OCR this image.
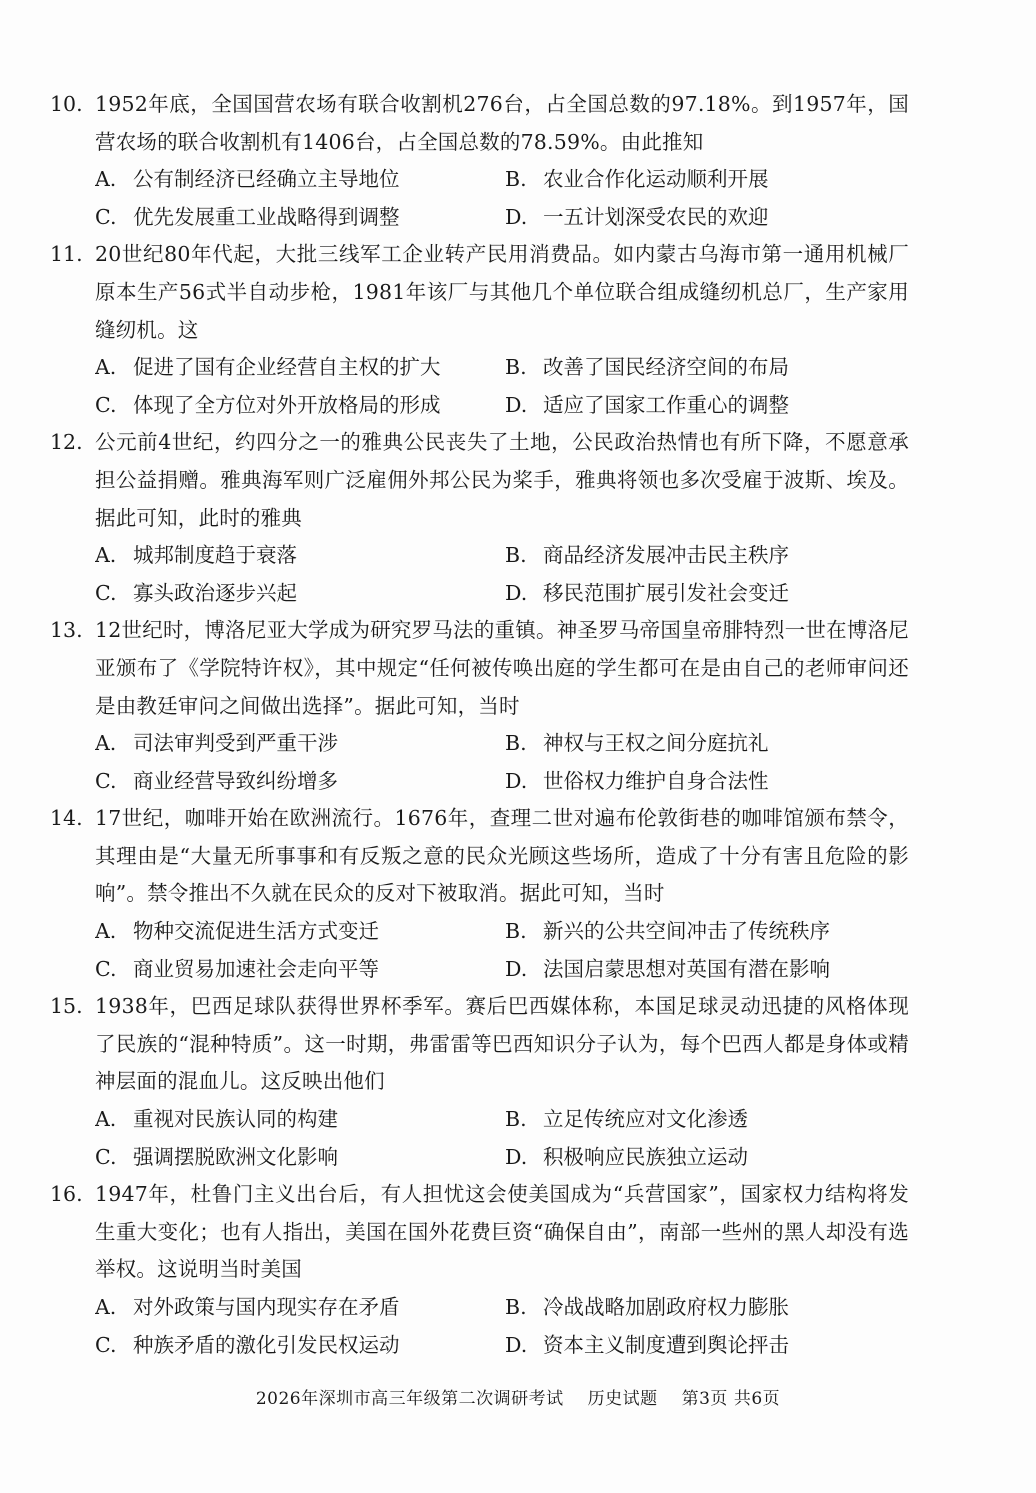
10. 1952年底，全国国营农场有联合收割机276台，占全国总数的97.18%。到1957年，国营农场的联合收割机有1406台，占全国总数的78.59%。由此推知
A. 公有制经济已经确立主导地位	B. 农业合作化运动顺利开展
C. 优先发展重工业战略得到调整	D. 一五计划深受农民的欢迎
11. 20世纪80年代起，大批三线军工企业转产民用消费品。如内蒙古乌海市第一通用机械厂原本生产56式半自动步枪，1981年该厂与其他几个单位联合组成缝纫机总厂，生产家用缝纫机。这
A. 促进了国有企业经营自主权的扩大	B. 改善了国民经济空间的布局
C. 体现了全方位对外开放格局的形成	D. 适应了国家工作重心的调整
12. 公元前4世纪，约四分之一的雅典公民丧失了土地，公民政治热情也有所下降，不愿意承担公益捐赠。雅典海军则广泛雇佣外邦公民为桨手，雅典将领也多次受雇于波斯、埃及。据此可知，此时的雅典
A. 城邦制度趋于衰落	B. 商品经济发展冲击民主秩序
C. 寡头政治逐步兴起	D. 移民范围扩展引发社会变迁
13. 12世纪时，博洛尼亚大学成为研究罗马法的重镇。神圣罗马帝国皇帝腓特烈一世在博洛尼亚颁布了《学院特许权》，其中规定“任何被传唤出庭的学生都可在是由自己的老师审问还是由教廷审问之间做出选择”。据此可知，当时
A. 司法审判受到严重干涉	B. 神权与王权之间分庭抗礼
C. 商业经营导致纠纷增多	D. 世俗权力维护自身合法性
14. 17世纪，咖啡开始在欧洲流行。1676年，查理二世对遍布伦敦街巷的咖啡馆颁布禁令，其理由是“大量无所事事和有反叛之意的民众光顾这些场所，造成了十分有害且危险的影响”。禁令推出不久就在民众的反对下被取消。据此可知，当时
A. 物种交流促进生活方式变迁	B. 新兴的公共空间冲击了传统秩序
C. 商业贸易加速社会走向平等	D. 法国启蒙思想对英国有潜在影响
15. 1938年，巴西足球队获得世界杯季军。赛后巴西媒体称，本国足球灵动迅捷的风格体现了民族的“混种特质”。这一时期，弗雷雷等巴西知识分子认为，每个巴西人都是身体或精神层面的混血儿。这反映出他们
A. 重视对民族认同的构建	B. 立足传统应对文化渗透
C. 强调摆脱欧洲文化影响	D. 积极响应民族独立运动
16. 1947年，杜鲁门主义出台后，有人担忧这会使美国成为“兵营国家”，国家权力结构将发生重大变化；也有人指出，美国在国外花费巨资“确保自由”，南部一些州的黑人却没有选举权。这说明当时美国
A. 对外政策与国内现实存在矛盾	B. 冷战战略加剧政府权力膨胀
C. 种族矛盾的激化引发民权运动	D. 资本主义制度遭到舆论抨击
2026年深圳市高三年级第二次调研考试 历史试题 第3页 共6页
